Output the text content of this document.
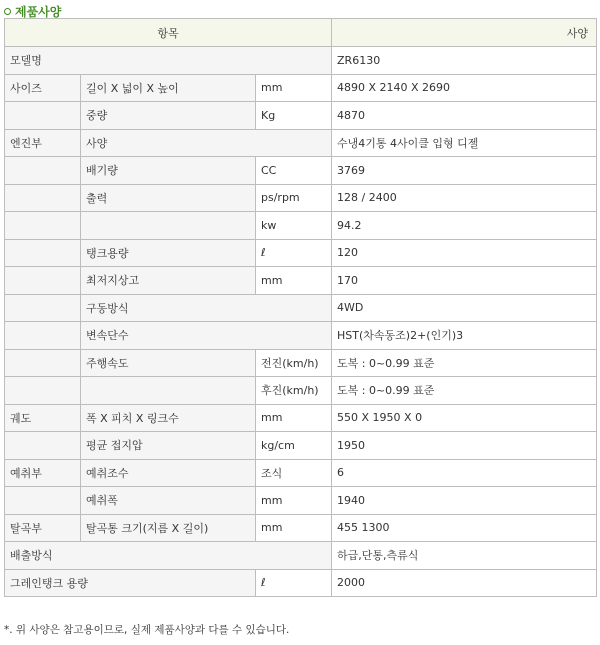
제품사양
항목			사양
모델명			ZR6130
사이즈	길이 X 넓이 X 높이	mm	4890 X 2140 X 2690
	중량	Kg	4870
엔진부	사양		수냉4기통 4사이클 입형 디젤
	배기량	CC	3769
	출력	ps/rpm	128 / 2400
		kw	94.2
	탱크용량	ℓ	120
	최저지상고	mm	170
	구동방식		4WD
	변속단수		HST(차속동조)2+(인기)3
	주행속도	전진(km/h)	도복 : 0~0.99 표준
		후진(km/h)	도복 : 0~0.99 표준
궤도	폭 X 피치 X 링크수	mm	550 X 1950 X 0
	평균 접지압	kg/cm	1950
예취부	예취조수	조식	6
	예취폭	mm	1940
탈곡부	탈곡통 크기(지름 X 길이)	mm	455 1300
배출방식			하급,단통,측류식
그레인탱크 용량		ℓ	2000
*. 위 사양은 참고용이므로, 실제 제품사양과 다를 수 있습니다.
